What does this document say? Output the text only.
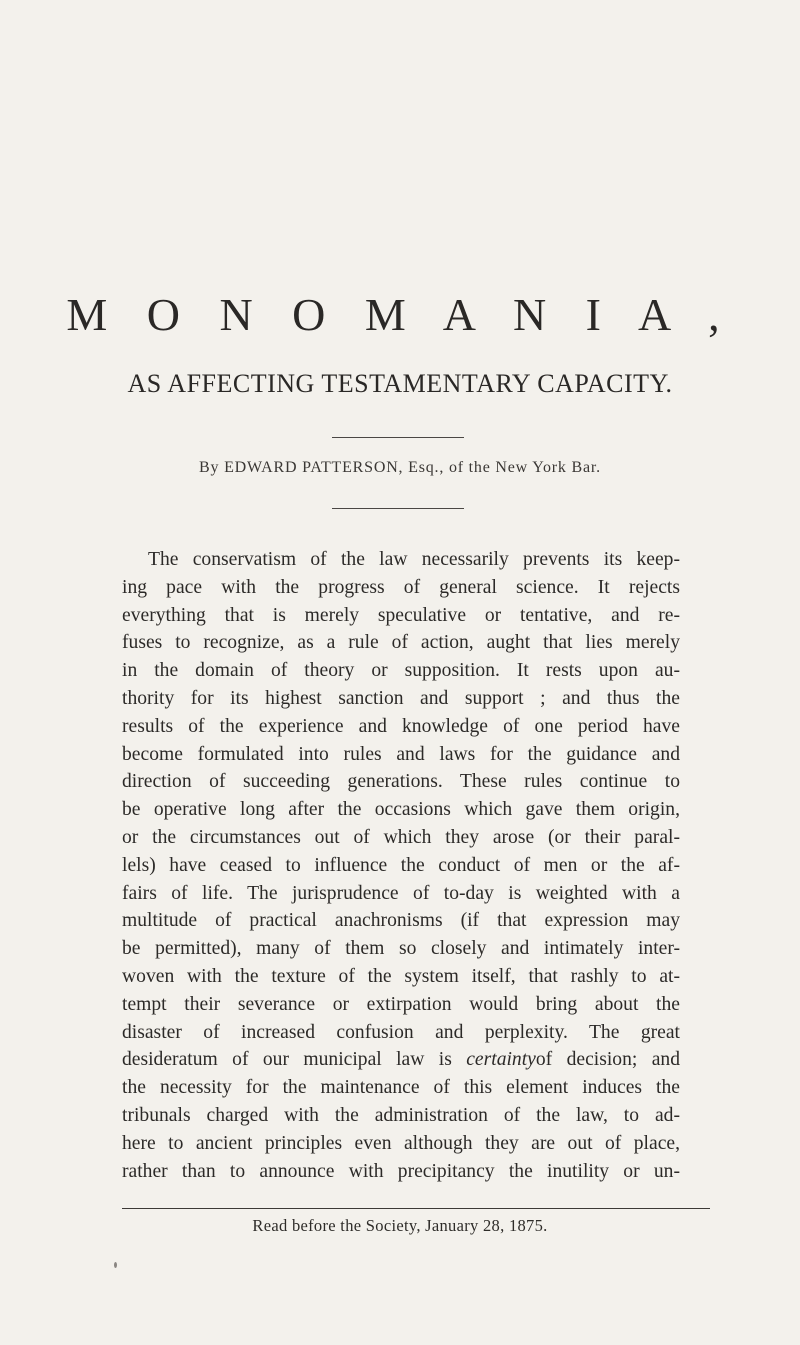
M O N O M A N I A ,
AS AFFECTING TESTAMENTARY CAPACITY.
By EDWARD PATTERSON, Esq., of the New York Bar.
The conservatism of the law necessarily prevents its keep-
ing pace with the progress of general science. It rejects
everything that is merely speculative or tentative, and re-
fuses to recognize, as a rule of action, aught that lies merely
in the domain of theory or supposition. It rests upon au-
thority for its highest sanction and support ; and thus the
results of the experience and knowledge of one period have
become formulated into rules and laws for the guidance and
direction of succeeding generations. These rules continue to
be operative long after the occasions which gave them origin,
or the circumstances out of which they arose (or their paral-
lels) have ceased to influence the conduct of men or the af-
fairs of life. The jurisprudence of to-day is weighted with a
multitude of practical anachronisms (if that expression may
be permitted), many of them so closely and intimately inter-
woven with the texture of the system itself, that rashly to at-
tempt their severance or extirpation would bring about the
disaster of increased confusion and perplexity. The great
desideratum of our municipal law is certaintyof decision; and
the necessity for the maintenance of this element induces the
tribunals charged with the administration of the law, to ad-
here to ancient principles even although they are out of place,
rather than to announce with precipitancy the inutility or un-
Read before the Society, January 28, 1875.
